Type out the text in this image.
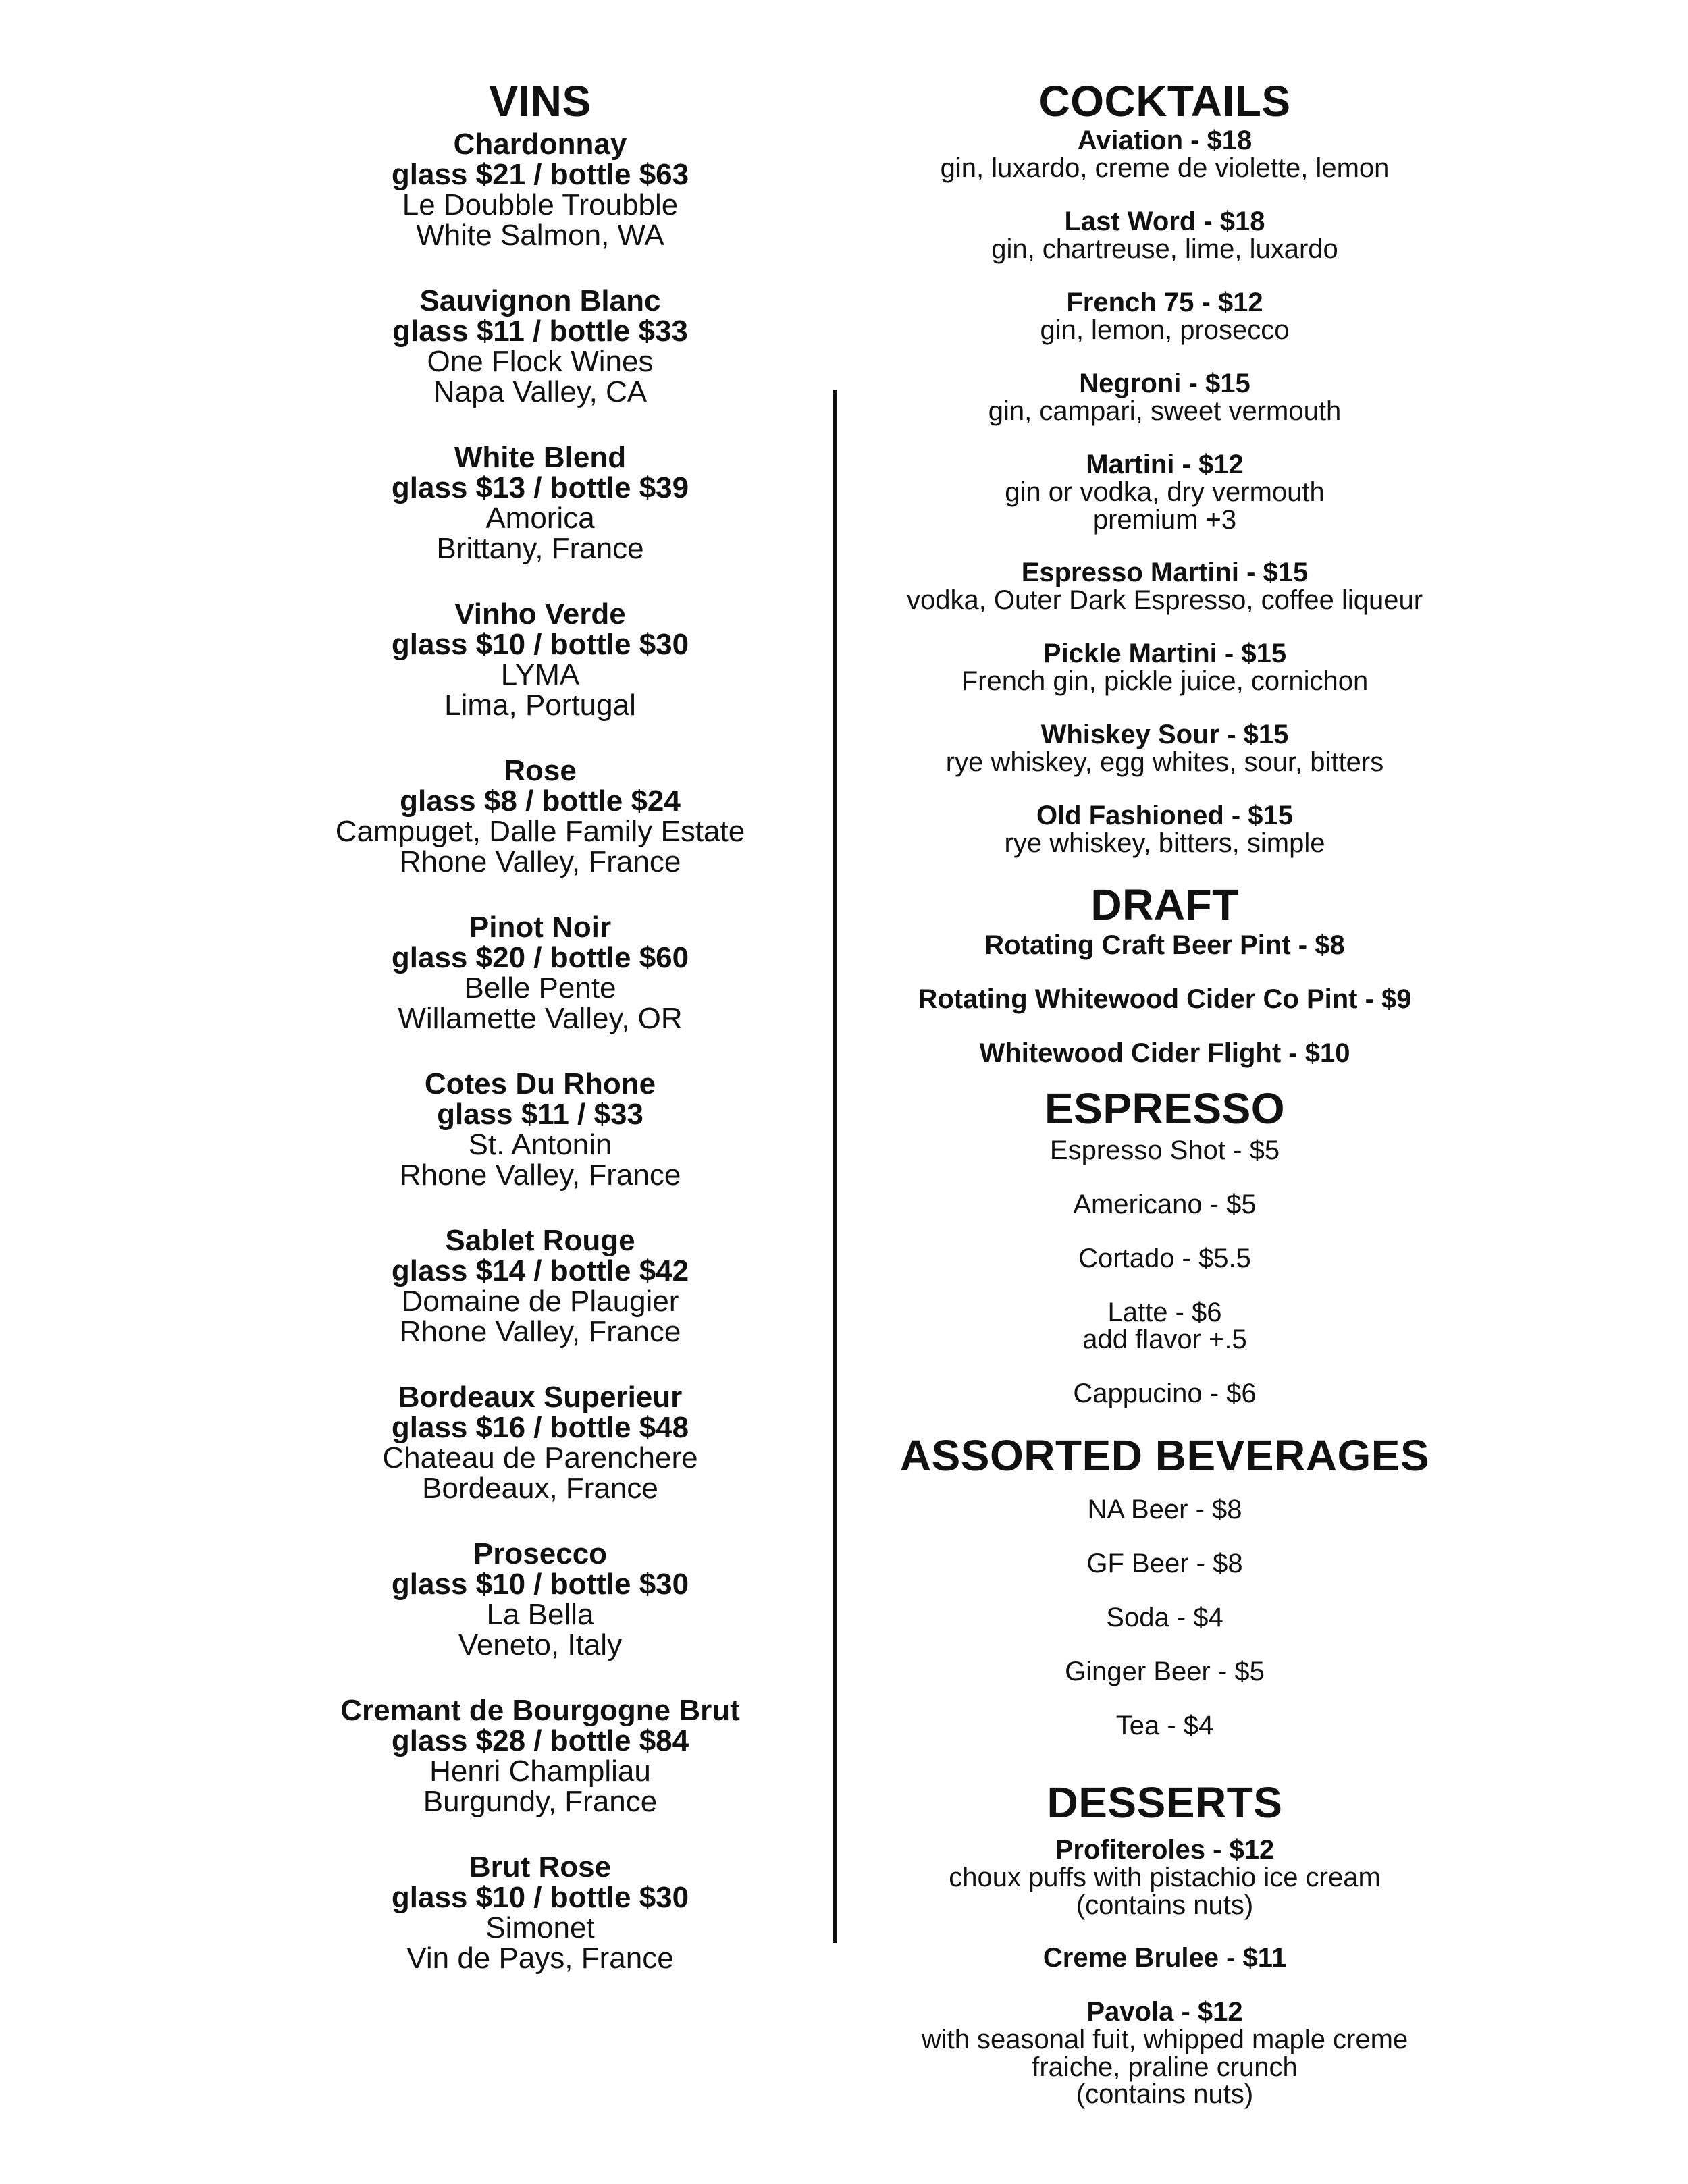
VINS
Chardonnay
glass $21 / bottle $63
Le Doubble Troubble
White Salmon, WA
Sauvignon Blanc
glass $11 / bottle $33
One Flock Wines
Napa Valley, CA
White Blend
glass $13 / bottle $39
Amorica
Brittany, France
Vinho Verde
glass $10 / bottle $30
LYMA
Lima, Portugal
Rose
glass $8 / bottle $24
Campuget, Dalle Family Estate
Rhone Valley, France
Pinot Noir
glass $20 / bottle $60
Belle Pente
Willamette Valley, OR
Cotes Du Rhone
glass $11 / $33
St. Antonin
Rhone Valley, France
Sablet Rouge
glass $14 / bottle $42
Domaine de Plaugier
Rhone Valley, France
Bordeaux Superieur
glass $16 / bottle $48
Chateau de Parenchere
Bordeaux, France
Prosecco
glass $10 / bottle $30
La Bella
Veneto, Italy
Cremant de Bourgogne Brut
glass $28 / bottle $84
Henri Champliau
Burgundy, France
Brut Rose
glass $10 / bottle $30
Simonet
Vin de Pays, France
COCKTAILS
Aviation - $18
gin, luxardo, creme de violette, lemon
Last Word - $18
gin, chartreuse, lime, luxardo
French 75 - $12
gin, lemon, prosecco
Negroni - $15
gin, campari, sweet vermouth
Martini - $12
gin or vodka, dry vermouth
premium +3
Espresso Martini - $15
vodka, Outer Dark Espresso, coffee liqueur
Pickle Martini - $15
French gin, pickle juice, cornichon
Whiskey Sour - $15
rye whiskey, egg whites, sour, bitters
Old Fashioned - $15
rye whiskey, bitters, simple
DRAFT
Rotating Craft Beer Pint - $8
Rotating Whitewood Cider Co Pint - $9
Whitewood Cider Flight - $10
ESPRESSO
Espresso Shot - $5
Americano - $5
Cortado - $5.5
Latte - $6
add flavor +.5
Cappucino - $6
ASSORTED BEVERAGES
NA Beer - $8
GF Beer - $8
Soda - $4
Ginger Beer - $5
Tea - $4
DESSERTS
Profiteroles - $12
choux puffs with pistachio ice cream
(contains nuts)
Creme Brulee - $11
Pavola - $12
with seasonal fuit, whipped maple creme
fraiche, praline crunch
(contains nuts)
